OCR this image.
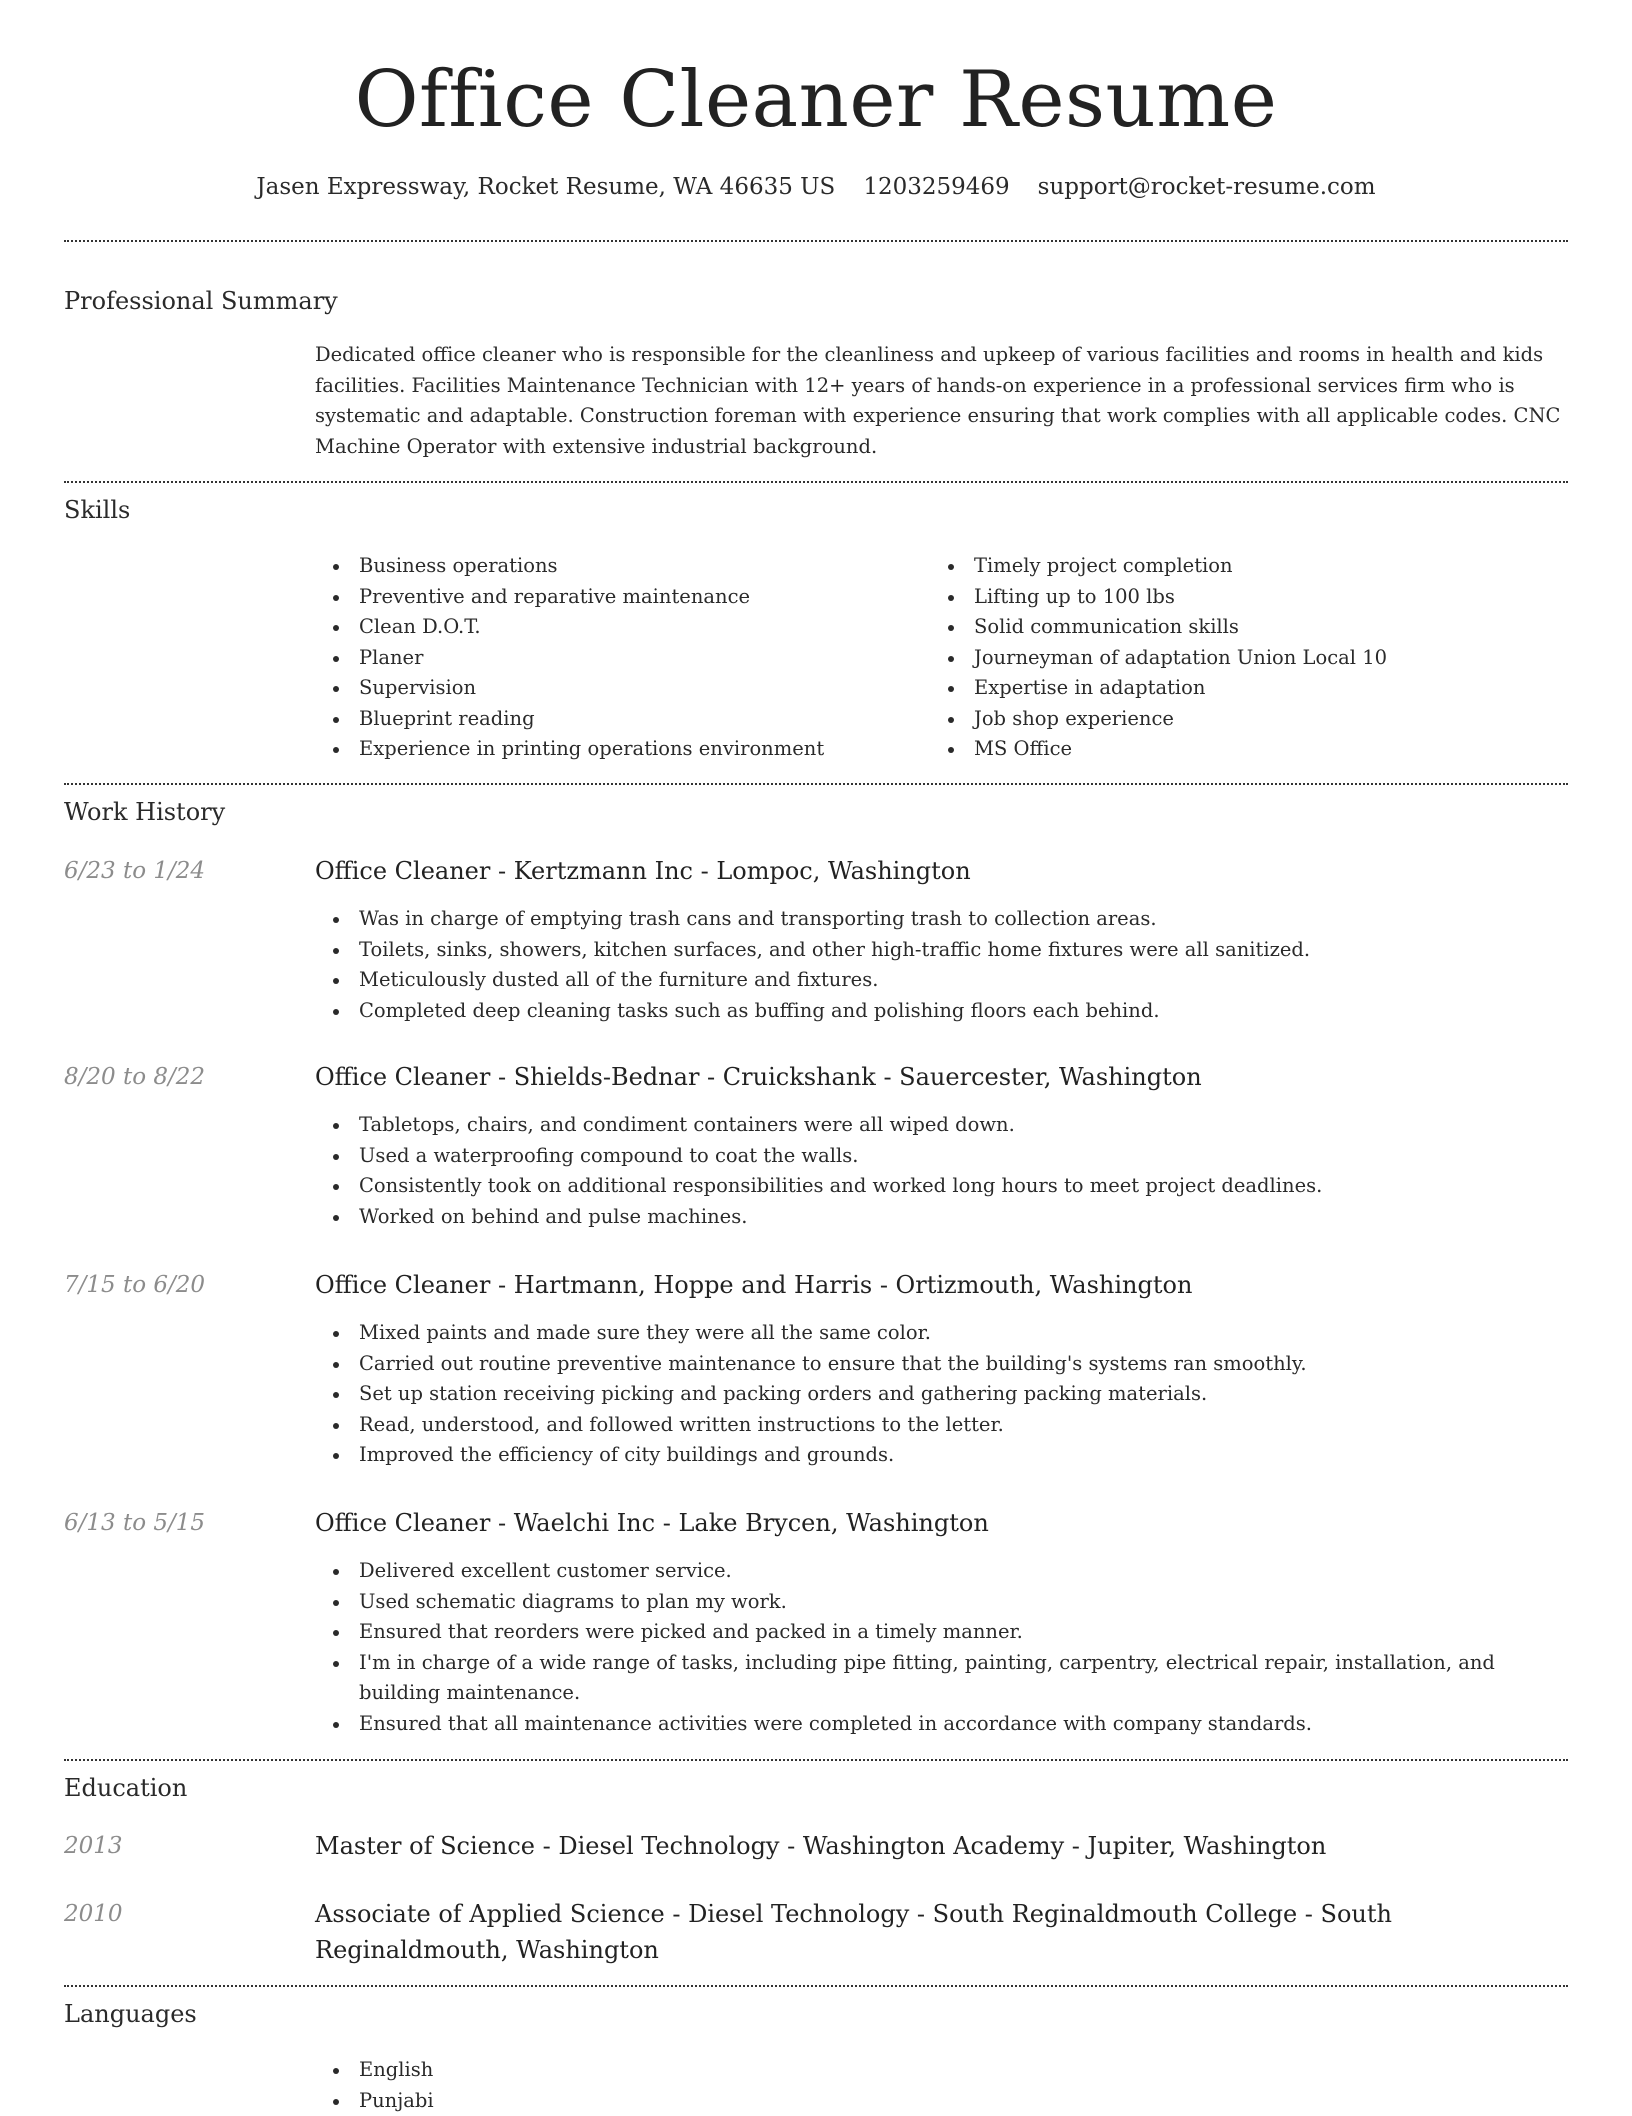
Office Cleaner Resume
Jasen Expressway, Rocket Resume, WA 46635 US 1203259469 support@rocket-resume.com
Professional Summary

Dedicated office cleaner who is responsible for the cleanliness and upkeep of various facilities and rooms in health and kids facilities. Facilities Maintenance Technician with 12+ years of hands-on experience in a professional services firm who is systematic and adaptable. Construction foreman with experience ensuring that work complies with all applicable codes. CNC Machine Operator with extensive industrial background.

Skills
Business operations
Preventive and reparative maintenance
Clean D.O.T.
Planer
Supervision
Blueprint reading
Experience in printing operations environment
Timely project completion
Lifting up to 100 lbs
Solid communication skills
Journeyman of adaptation Union Local 10
Expertise in adaptation
Job shop experience
MS Office
Work History
6/23 to 1/24	Office Cleaner - Kertzmann Inc - Lompoc, Washington
Was in charge of emptying trash cans and transporting trash to collection areas.
Toilets, sinks, showers, kitchen surfaces, and other high-traffic home fixtures were all sanitized.
Meticulously dusted all of the furniture and fixtures.
Completed deep cleaning tasks such as buffing and polishing floors each behind.
8/20 to 8/22	Office Cleaner - Shields-Bednar - Cruickshank - Sauercester, Washington
Tabletops, chairs, and condiment containers were all wiped down.
Used a waterproofing compound to coat the walls.
Consistently took on additional responsibilities and worked long hours to meet project deadlines.
Worked on behind and pulse machines.
7/15 to 6/20	Office Cleaner - Hartmann, Hoppe and Harris - Ortizmouth, Washington
Mixed paints and made sure they were all the same color.
Carried out routine preventive maintenance to ensure that the building's systems ran smoothly.
Set up station receiving picking and packing orders and gathering packing materials.
Read, understood, and followed written instructions to the letter.
Improved the efficiency of city buildings and grounds.
6/13 to 5/15	Office Cleaner - Waelchi Inc - Lake Brycen, Washington
Delivered excellent customer service.
Used schematic diagrams to plan my work.
Ensured that reorders were picked and packed in a timely manner.
I'm in charge of a wide range of tasks, including pipe fitting, painting, carpentry, electrical repair, installation, and building maintenance.
Ensured that all maintenance activities were completed in accordance with company standards.
Education
2013	Master of Science - Diesel Technology - Washington Academy - Jupiter, Washington
2010	Associate of Applied Science - Diesel Technology - South Reginaldmouth College - South Reginaldmouth, Washington
Languages
English
Punjabi
